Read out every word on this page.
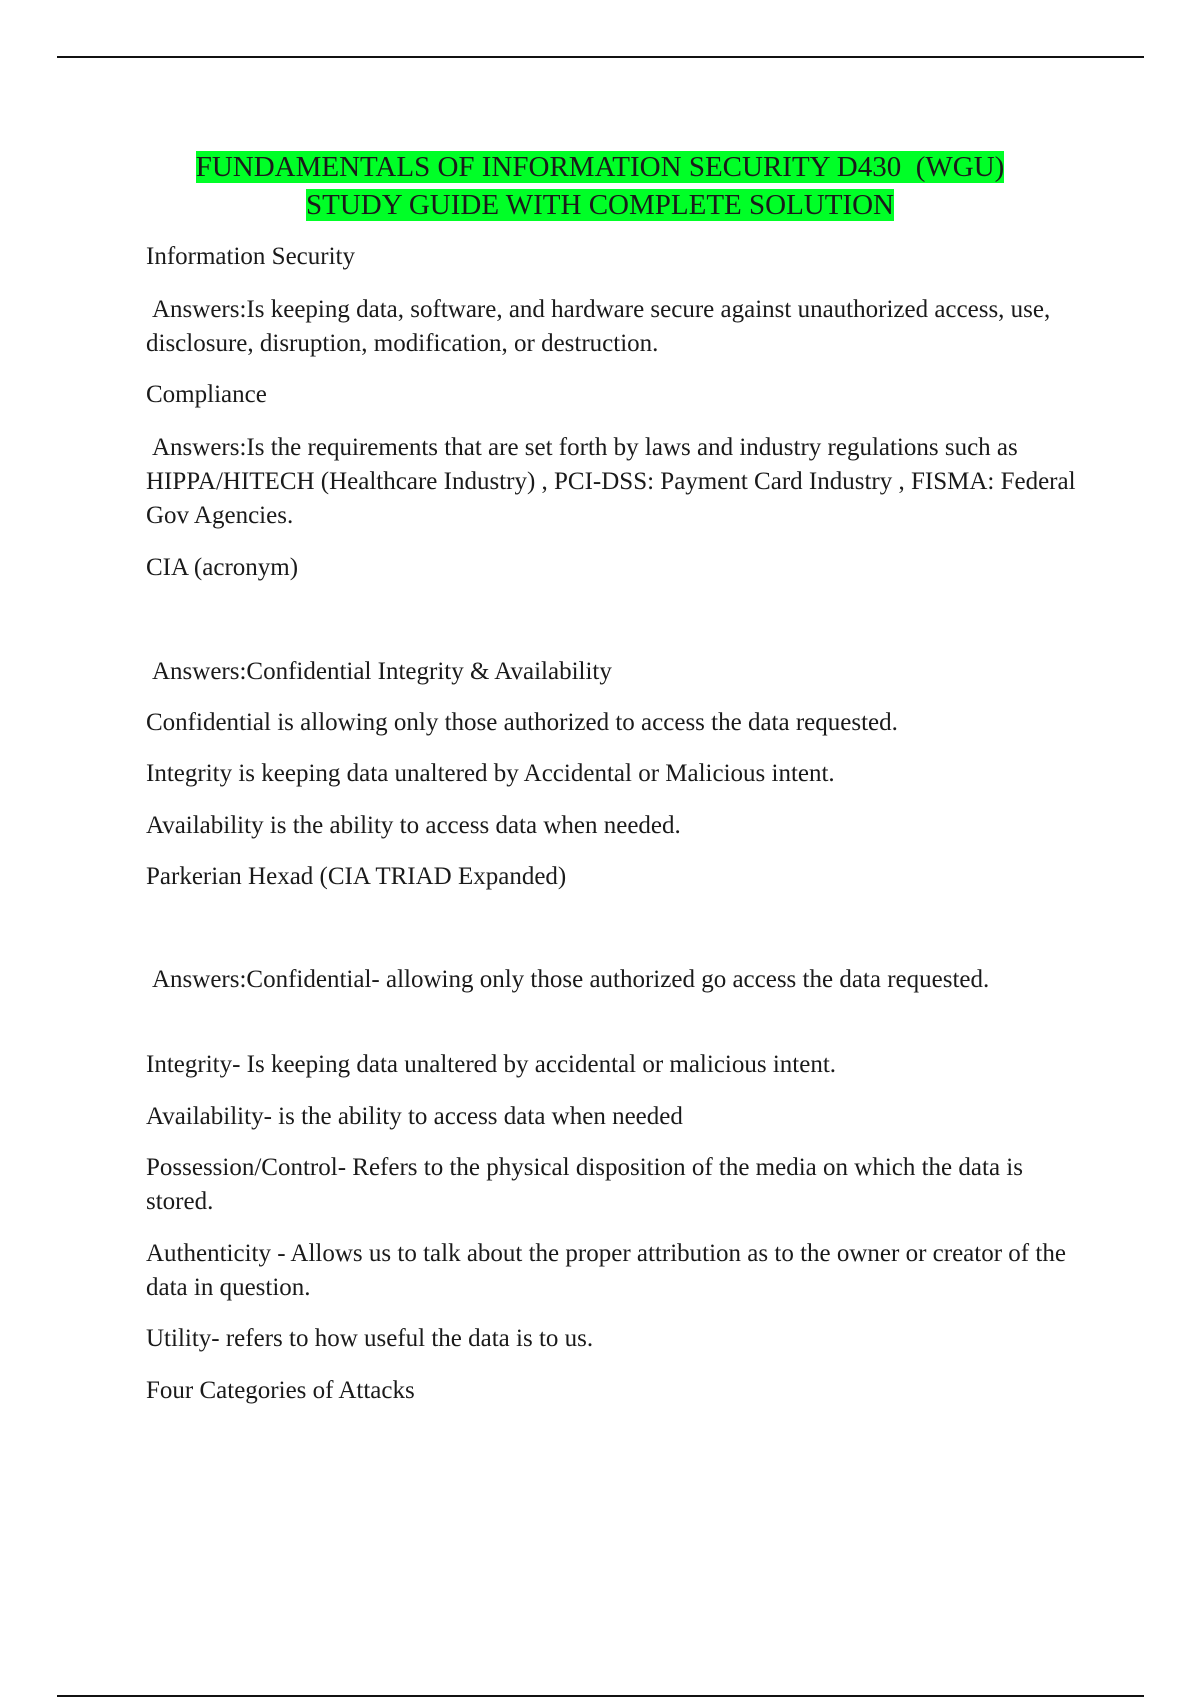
FUNDAMENTALS OF INFORMATION SECURITY D430  (WGU)
STUDY GUIDE WITH COMPLETE SOLUTION

Information Security

Answers:Is keeping data, software, and hardware secure against unauthorized access, use, disclosure, disruption, modification, or destruction.

Compliance

Answers:Is the requirements that are set forth by laws and industry regulations such as HIPPA/HITECH (Healthcare Industry) , PCI-DSS: Payment Card Industry , FISMA: Federal Gov Agencies.

CIA (acronym)

Answers:Confidential Integrity & Availability

Confidential is allowing only those authorized to access the data requested.

Integrity is keeping data unaltered by Accidental or Malicious intent.

Availability is the ability to access data when needed.

Parkerian Hexad (CIA TRIAD Expanded)

Answers:Confidential- allowing only those authorized go access the data requested.

Integrity- Is keeping data unaltered by accidental or malicious intent.

Availability- is the ability to access data when needed

Possession/Control- Refers to the physical disposition of the media on which the data is stored.

Authenticity - Allows us to talk about the proper attribution as to the owner or creator of the data in question.

Utility- refers to how useful the data is to us.

Four Categories of Attacks
